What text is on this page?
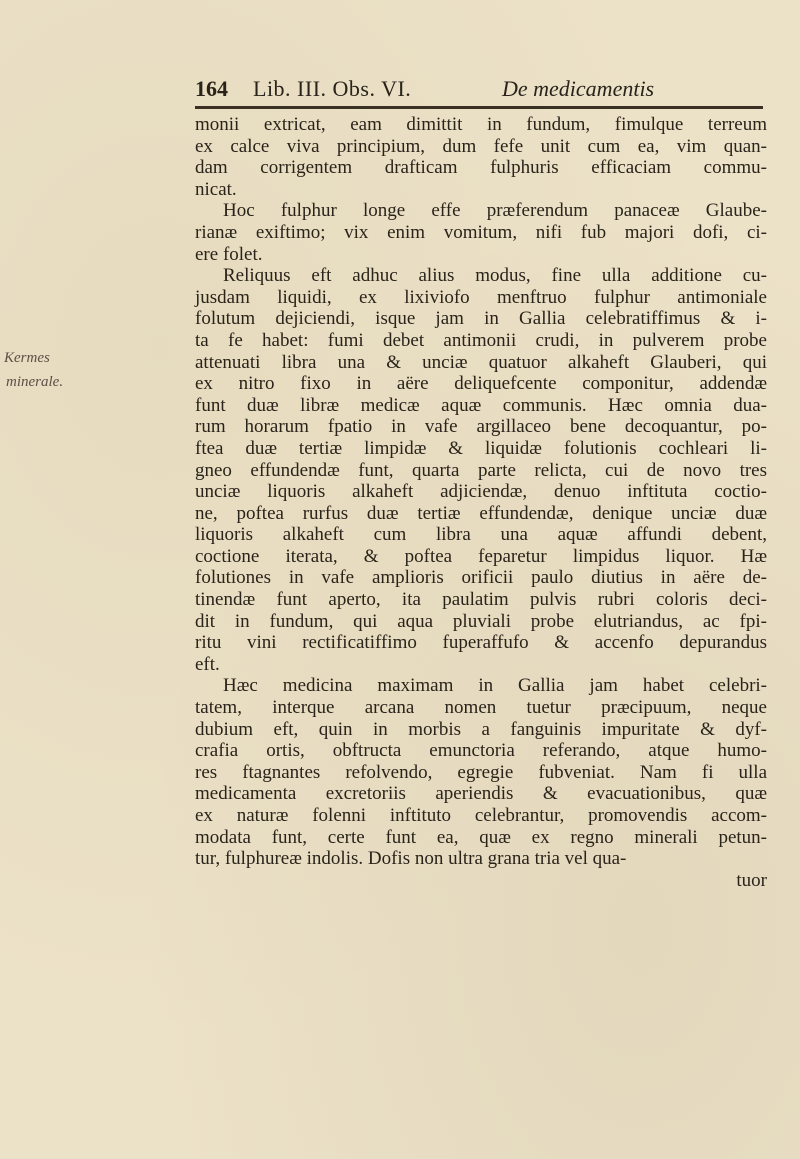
164 Lib. III. Obs. VI.	De medicamentis
Kermes
minerale.

monii extricat, eam dimittit in fundum, fimulque terreum
ex calce viva principium, dum fefe unit cum ea, vim quan-
dam corrigentem drafticam fulphuris efficaciam commu-
nicat.

Hoc fulphur longe effe præferendum panaceæ Glaube-
rianæ exiftimo; vix enim vomitum, nifi fub majori dofi, ci-
ere folet.

Reliquus eft adhuc alius modus, fine ulla additione cu-
jusdam liquidi, ex lixiviofo menftruo fulphur antimoniale
folutum dejiciendi, isque jam in Gallia celebratiffimus & i-
ta fe habet: fumi debet antimonii crudi, in pulverem probe
attenuati libra una & unciæ quatuor alkaheft Glauberi, qui
ex nitro fixo in aëre deliquefcente componitur, addendæ
funt duæ libræ medicæ aquæ communis. Hæc omnia dua-
rum horarum fpatio in vafe argillaceo bene decoquantur, po-
ftea duæ tertiæ limpidæ & liquidæ folutionis cochleari li-
gneo effundendæ funt, quarta parte relicta, cui de novo tres
unciæ liquoris alkaheft adjiciendæ, denuo inftituta coctio-
ne, poftea rurfus duæ tertiæ effundendæ, denique unciæ duæ
liquoris alkaheft cum libra una aquæ affundi debent,
coctione iterata, & poftea feparetur limpidus liquor. Hæ
folutiones in vafe amplioris orificii paulo diutius in aëre de-
tinendæ funt aperto, ita paulatim pulvis rubri coloris deci-
dit in fundum, qui aqua pluviali probe elutriandus, ac fpi-
ritu vini rectificatiffimo fuperaffufo & accenfo depurandus
eft.

Hæc medicina maximam in Gallia jam habet celebri-
tatem, interque arcana nomen tuetur præcipuum, neque
dubium eft, quin in morbis a fanguinis impuritate & dyf-
crafia ortis, obftructa emunctoria referando, atque humo-
res ftagnantes refolvendo, egregie fubveniat. Nam fi ulla
medicamenta excretoriis aperiendis & evacuationibus, quæ
ex naturæ folenni inftituto celebrantur, promovendis accom-
modata funt, certe funt ea, quæ ex regno minerali petun-
tur, fulphureæ indolis. Dofis non ultra grana tria vel qua-

tuor
